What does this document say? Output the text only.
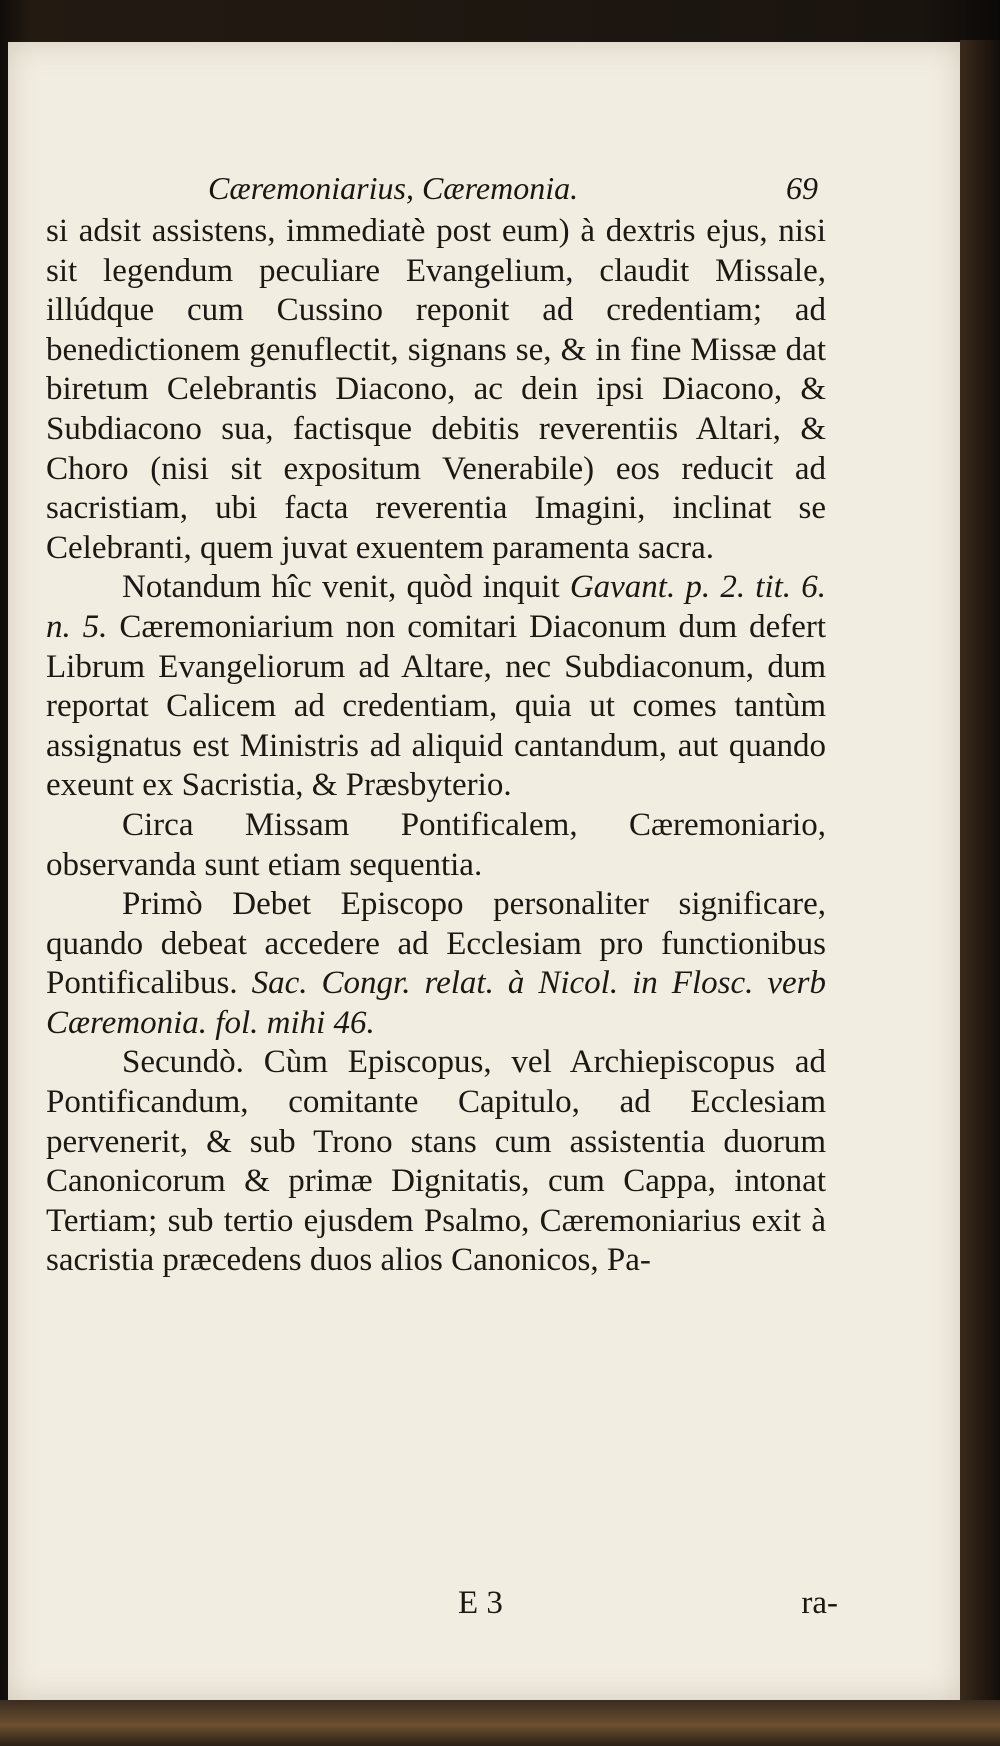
Cæremoniarius, Cæremonia.	69

si adsit assistens, immediatè post eum) à dextris ejus, nisi sit legendum peculiare Evangelium, claudit Missale, illúdque cum Cussino reponit ad credentiam; ad benedictionem genuflectit, signans se, & in fine Missæ dat biretum Celebrantis Diacono, ac dein ipsi Diacono, & Subdiacono sua, factisque debitis reverentiis Altari, & Choro (nisi sit expositum Venerabile) eos reducit ad sacristiam, ubi facta reverentia Imagini, inclinat se Celebranti, quem juvat exuentem paramenta sacra.

Notandum hîc venit, quòd inquit Gavant. p. 2. tit. 6. n. 5. Cæremoniarium non comitari Diaconum dum defert Librum Evangeliorum ad Altare, nec Subdiaconum, dum reportat Calicem ad credentiam, quia ut comes tantùm assignatus est Ministris ad aliquid cantandum, aut quando exeunt ex Sacristia, & Præsbyterio.

Circa Missam Pontificalem, Cæremoniario, observanda sunt etiam sequentia.

Primò Debet Episcopo personaliter significare, quando debeat accedere ad Ecclesiam pro functionibus Pontificalibus. Sac. Congr. relat. à Nicol. in Flosc. verb Cæremonia. fol. mihi 46.

Secundò. Cùm Episcopus, vel Archiepiscopus ad Pontificandum, comitante Capitulo, ad Ecclesiam pervenerit, & sub Trono stans cum assistentia duorum Canonicorum & primæ Dignitatis, cum Cappa, intonat Tertiam; sub tertio ejusdem Psalmo, Cæremoniarius exit à sacristia præcedens duos alios Canonicos, Pa-

E 3	ra-
